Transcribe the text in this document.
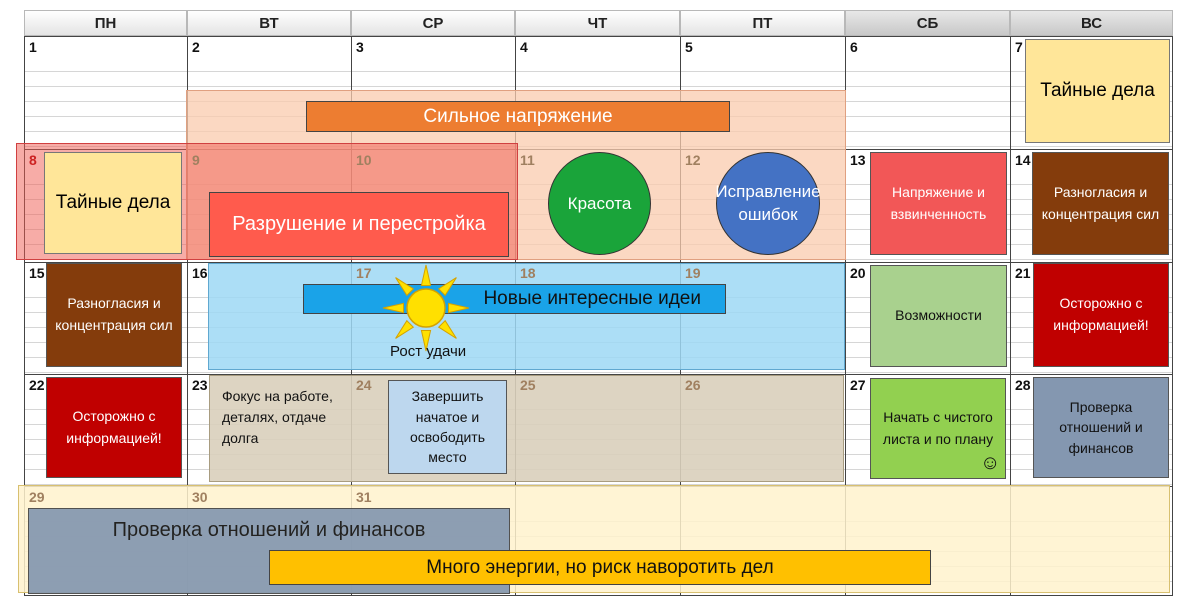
ПН	ВТ	СР	ЧТ	ПТ	СБ	ВС
1	2	3	4	5	6	7
8	9	10	11	12	13	14
15	16	17	18	19	20	21
22	23	24	25	26	27	28
29	30	31
Сильное напряжение
Тайные дела
Тайные дела
Разрушение и перестройка
Красота
Исправление ошибок
Напряжение и взвинченность
Разногласия и концентрация сил
Разногласия и концентрация сил
Новые интересные идеи
Рост удачи
Возможности
Осторожно с информацией!
Осторожно с информацией!
Фокус на работе, деталях, отдаче долга
Завершить начатое и освободить место
Начать с чистого листа и по плану
☺
Проверка отношений и финансов
Проверка отношений и финансов
Много энергии, но риск наворотить дел
